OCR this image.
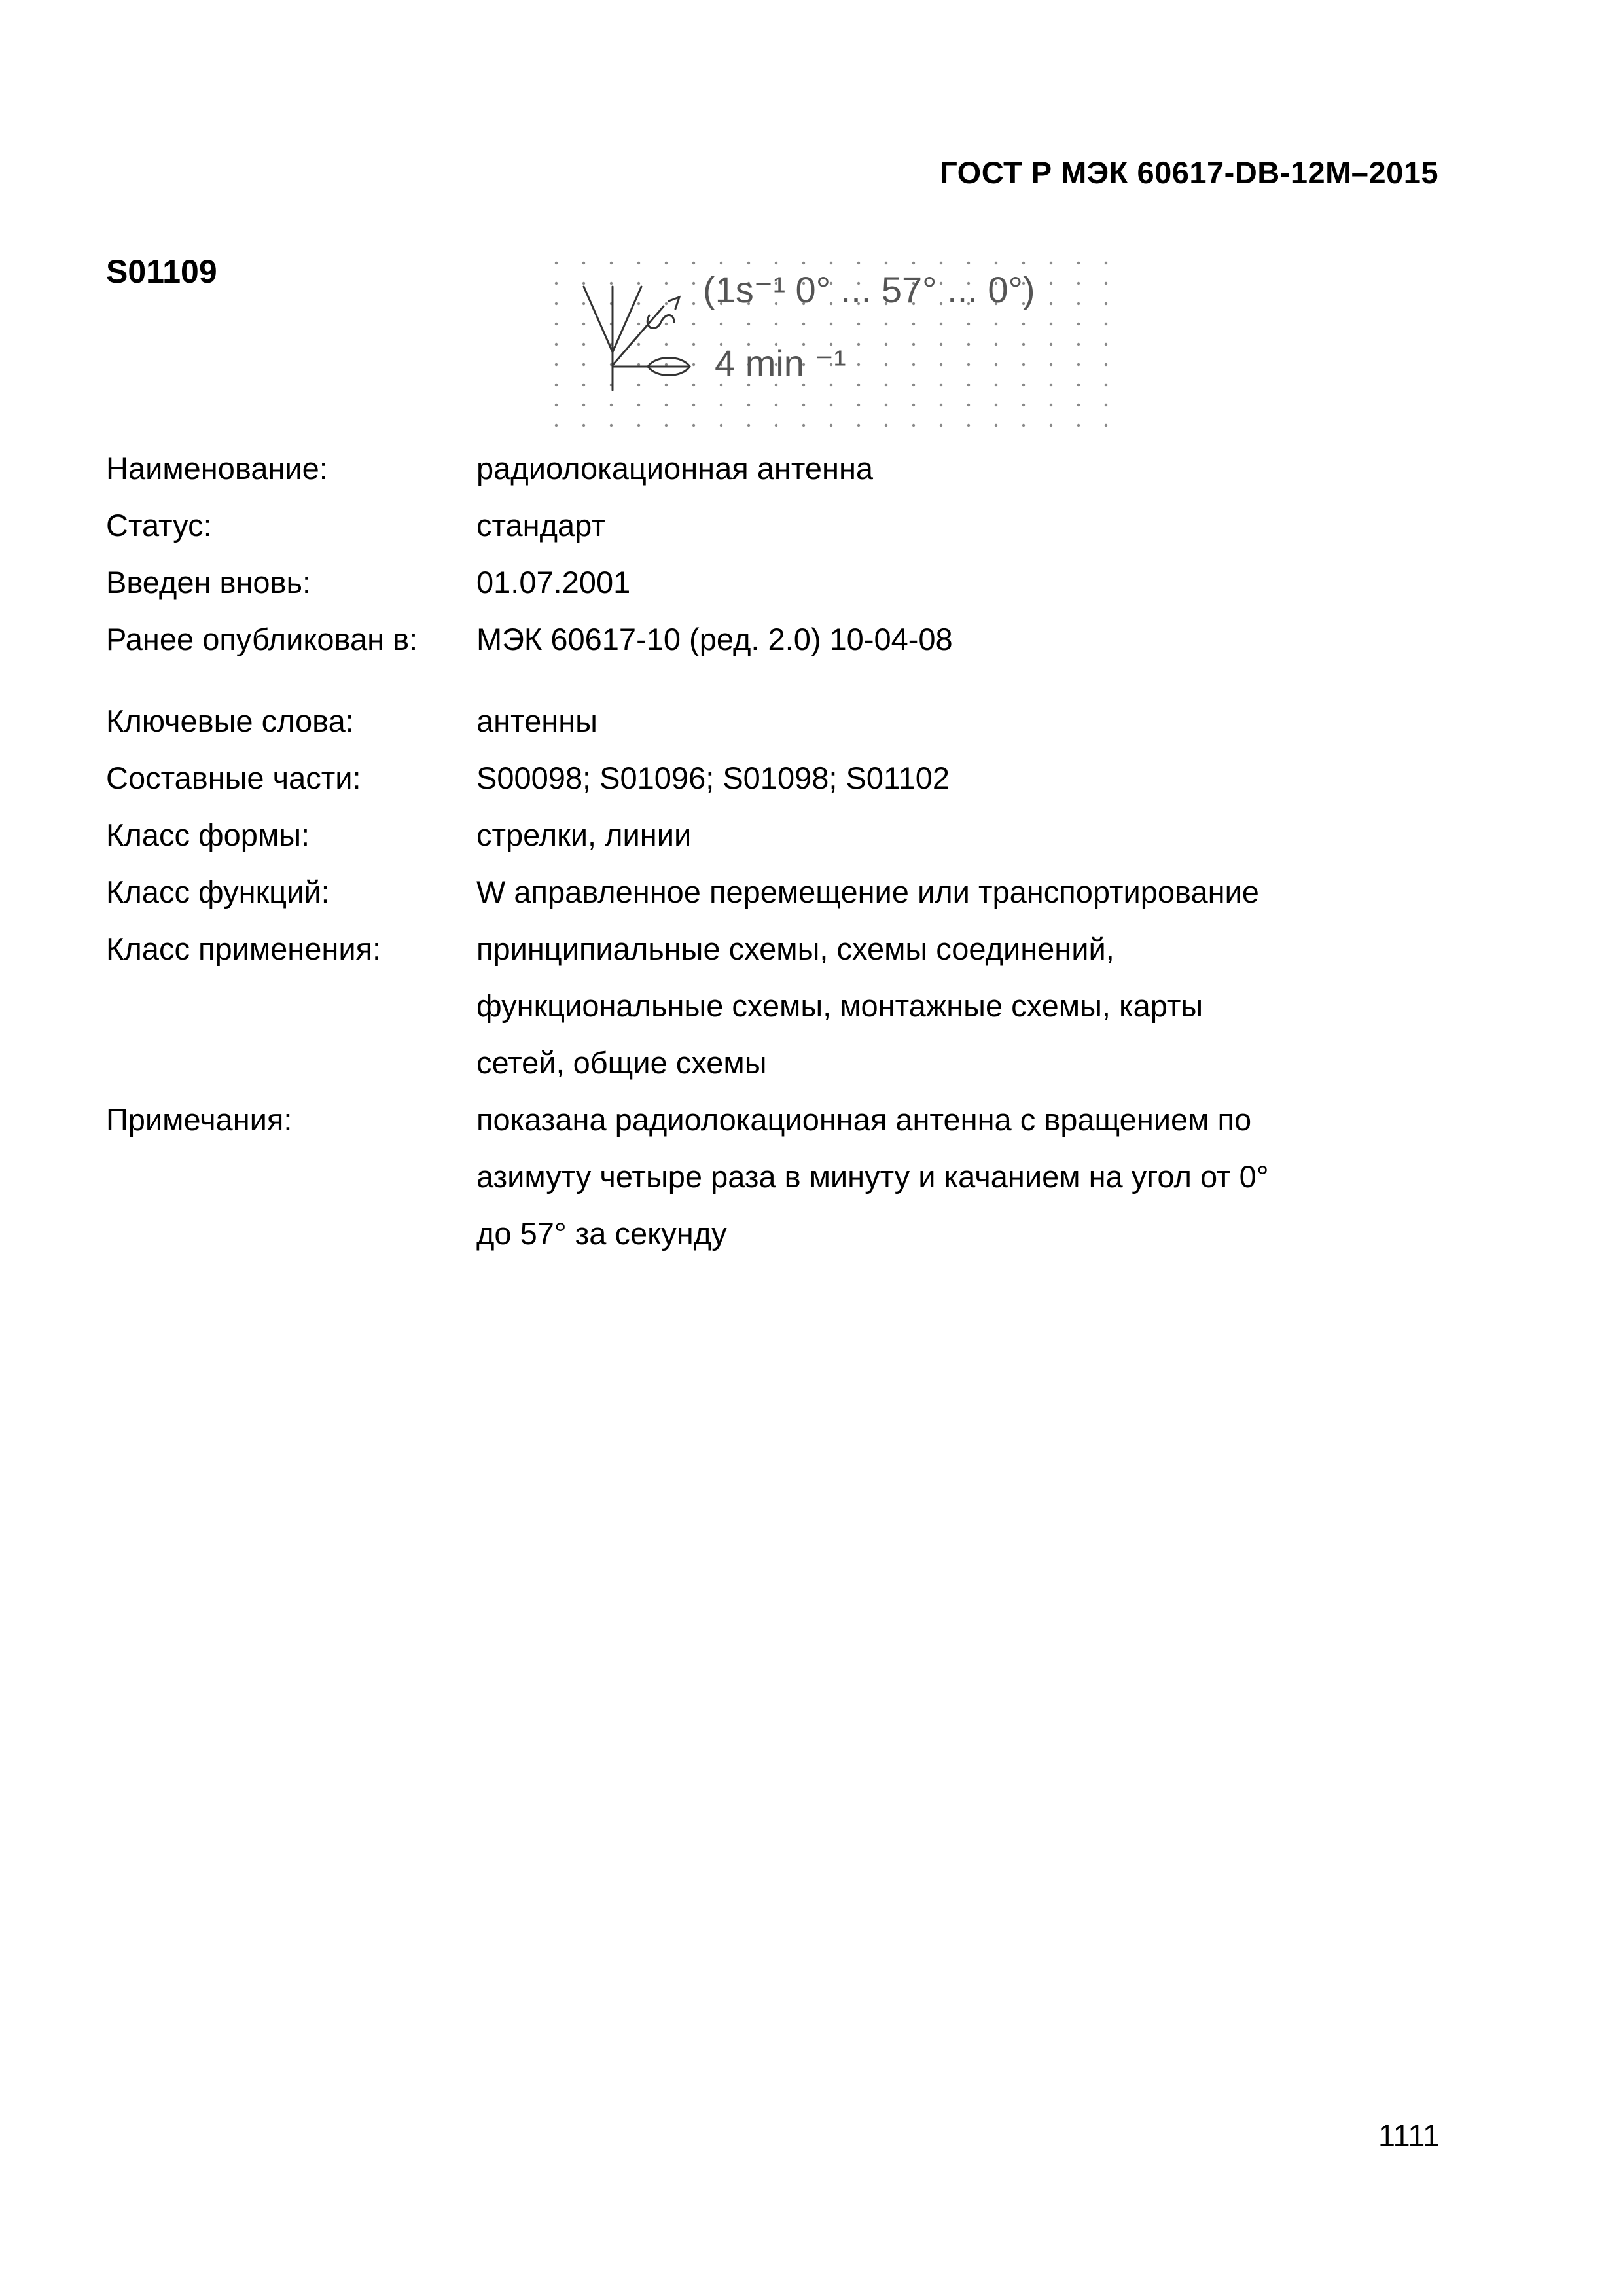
ГОСТ Р МЭК 60617-DB-12M–2015
S01109	(1s⁻¹ 0° ... 57° ... 0°)
4 min ⁻¹
Наименование:	радиолокационная антенна
Статус:	стандарт
Введен вновь:	01.07.2001
Ранее опубликован в:	МЭК 60617-10 (ред. 2.0) 10-04-08
Ключевые слова:	антенны
Составные части:	S00098; S01096; S01098; S01102
Класс формы:	стрелки, линии
Класс функций:	W аправленное перемещение или транспортирование
Класс применения:	принципиальные схемы, схемы соединений,
функциональные схемы, монтажные схемы, карты
сетей, общие схемы
Примечания:	показана радиолокационная антенна с вращением по
азимуту четыре раза в минуту и качанием на угол от 0°
до 57° за секунду
1111
